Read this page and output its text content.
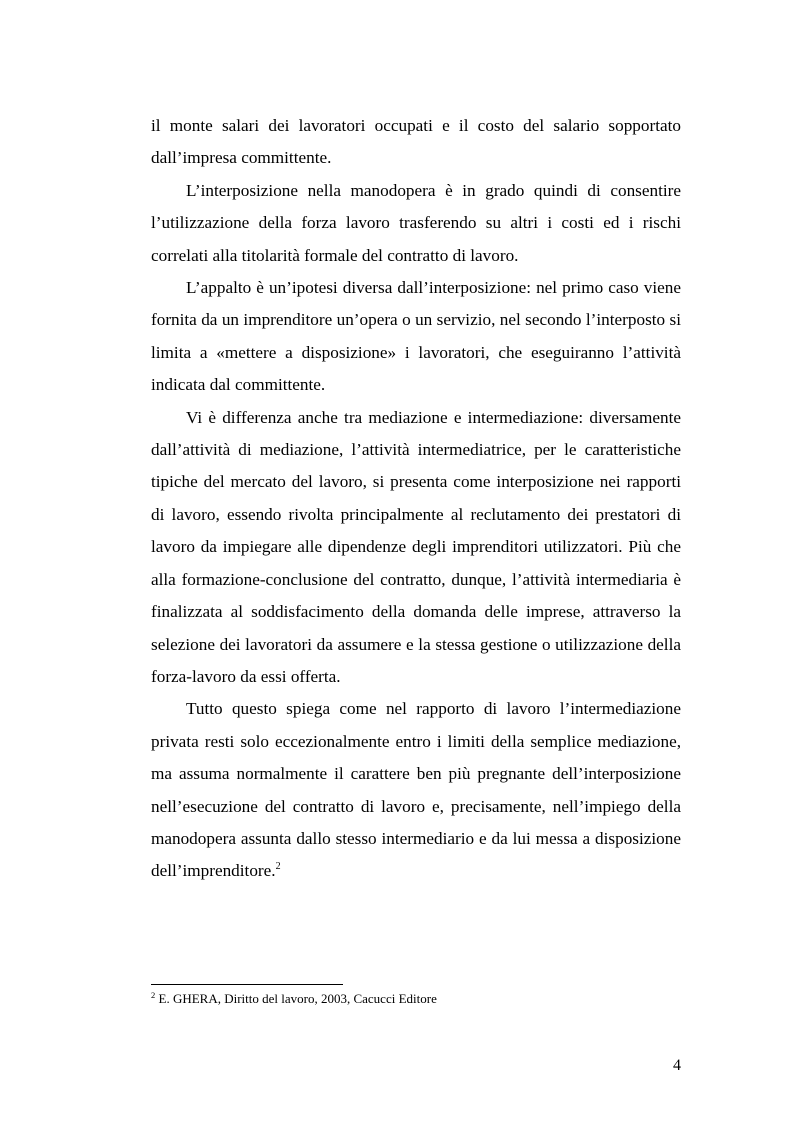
il monte salari dei lavoratori occupati e il costo del salario sopportato dall’impresa committente.

L’interposizione nella manodopera è in grado quindi di consentire l’utilizzazione della forza lavoro trasferendo su altri i costi ed i rischi correlati alla titolarità formale del contratto di lavoro.

L’appalto è un’ipotesi diversa dall’interposizione: nel primo caso viene fornita da un imprenditore un’opera o un servizio, nel secondo l’interposto si limita a «mettere a disposizione» i lavoratori, che eseguiranno l’attività indicata dal committente.

Vi è differenza anche tra mediazione e intermediazione: diversamente dall’attività di mediazione, l’attività intermediatrice, per le caratteristiche tipiche del mercato del lavoro, si presenta come interposizione nei rapporti di lavoro, essendo rivolta principalmente al reclutamento dei prestatori di lavoro da impiegare alle dipendenze degli imprenditori utilizzatori. Più che alla formazione-conclusione del contratto, dunque, l’attività intermediaria è finalizzata al soddisfacimento della domanda delle imprese, attraverso la selezione dei lavoratori da assumere e la stessa gestione o utilizzazione della forza-lavoro da essi offerta.

Tutto questo spiega come nel rapporto di lavoro l’intermediazione privata resti solo eccezionalmente entro i limiti della semplice mediazione, ma assuma normalmente il carattere ben più pregnante dell’interposizione nell’esecuzione del contratto di lavoro e, precisamente, nell’impiego della manodopera assunta dallo stesso intermediario e da lui messa a disposizione dell’imprenditore.$^2$

$^2$ E. GHERA, Diritto del lavoro, 2003, Cacucci Editore
4
